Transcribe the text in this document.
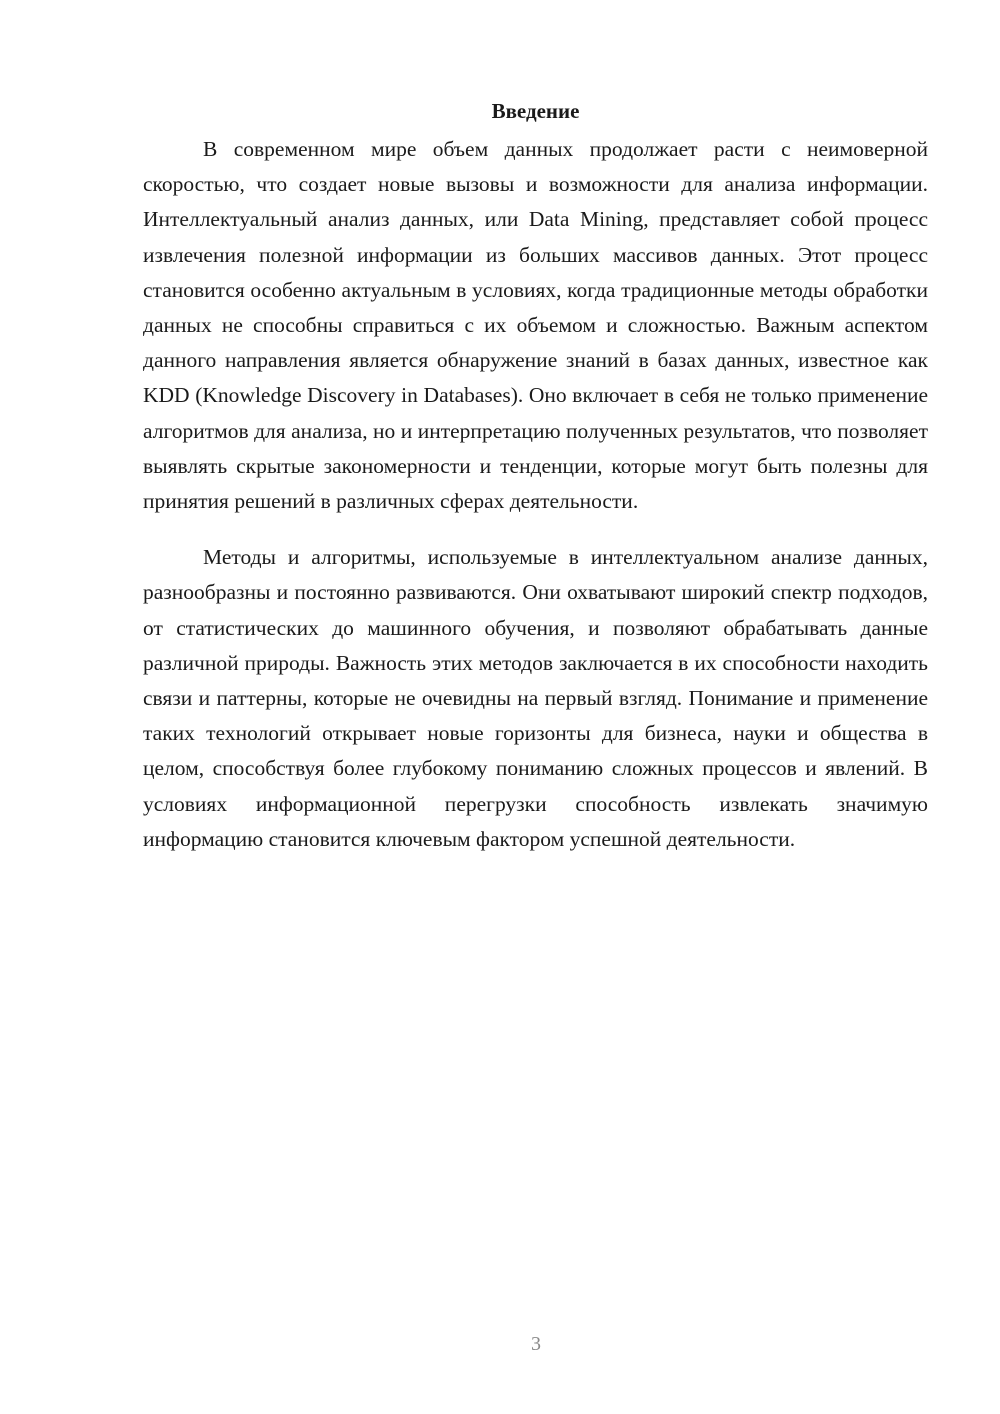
Введение

В современном мире объем данных продолжает расти с неимоверной скоростью, что создает новые вызовы и возможности для анализа информации. Интеллектуальный анализ данных, или Data Mining, представляет собой процесс извлечения полезной информации из больших массивов данных. Этот процесс становится особенно актуальным в условиях, когда традиционные методы обработки данных не способны справиться с их объемом и сложностью. Важным аспектом данного направления является обнаружение знаний в базах данных, известное как KDD (Knowledge Discovery in Databases). Оно включает в себя не только применение алгоритмов для анализа, но и интерпретацию полученных результатов, что позволяет выявлять скрытые закономерности и тенденции, которые могут быть полезны для принятия решений в различных сферах деятельности.

Методы и алгоритмы, используемые в интеллектуальном анализе данных, разнообразны и постоянно развиваются. Они охватывают широкий спектр подходов, от статистических до машинного обучения, и позволяют обрабатывать данные различной природы. Важность этих методов заключается в их способности находить связи и паттерны, которые не очевидны на первый взгляд. Понимание и применение таких технологий открывает новые горизонты для бизнеса, науки и общества в целом, способствуя более глубокому пониманию сложных процессов и явлений. В условиях информационной перегрузки способность извлекать значимую информацию становится ключевым фактором успешной деятельности.

3
